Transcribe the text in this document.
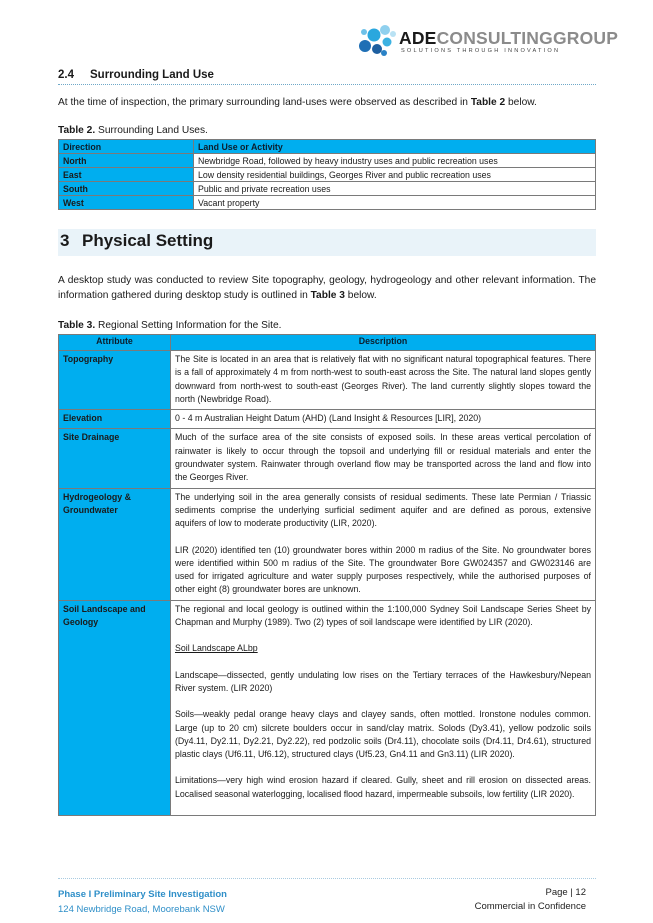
ADECONSULTINGGROUP
SOLUTIONS THROUGH INNOVATION
2.4 Surrounding Land Use
At the time of inspection, the primary surrounding land-uses were observed as described in Table 2 below.
Table 2. Surrounding Land Uses.
Direction	Land Use or Activity
North	Newbridge Road, followed by heavy industry uses and public recreation uses
East	Low density residential buildings, Georges River and public recreation uses
South	Public and private recreation uses
West	Vacant property
3 Physical Setting
A desktop study was conducted to review Site topography, geology, hydrogeology and other relevant information. The information gathered during desktop study is outlined in Table 3 below.
Table 3. Regional Setting Information for the Site.
Attribute	Description
Topography	The Site is located in an area that is relatively flat with no significant natural topographical features. There is a fall of approximately 4 m from north-west to south-east across the Site. The natural land slopes gently downward from north-west to south-east (Georges River). The land currently slightly slopes toward the north (Newbridge Road).

Elevation	0 - 4 m Australian Height Datum (AHD) (Land Insight & Resources [LIR], 2020)

Site Drainage	Much of the surface area of the site consists of exposed soils. In these areas vertical percolation of rainwater is likely to occur through the topsoil and underlying fill or residual materials and enter the groundwater system. Rainwater through overland flow may be transported across the land and flow into the Georges River.

Hydrogeology & Groundwater	The underlying soil in the area generally consists of residual sediments. These late Permian / Triassic sediments comprise the underlying surficial sediment aquifer and are defined as porous, extensive aquifers of low to moderate productivity (LIR, 2020).

LIR (2020) identified ten (10) groundwater bores within 2000 m radius of the Site. No groundwater bores were identified within 500 m radius of the Site. The groundwater Bore GW024357 and GW023146 are used for irrigated agriculture and water supply purposes respectively, while the authorised purposes of other eight (8) groundwater bores are unknown.

Soil Landscape and Geology	The regional and local geology is outlined within the 1:100,000 Sydney Soil Landscape Series Sheet by Chapman and Murphy (1989). Two (2) types of soil landscape were identified by LIR (2020).

Soil Landscape ALbp

Landscape—dissected, gently undulating low rises on the Tertiary terraces of the Hawkesbury/Nepean River system. (LIR 2020)

Soils—weakly pedal orange heavy clays and clayey sands, often mottled. Ironstone nodules common. Large (up to 20 cm) silcrete boulders occur in sand/clay matrix. Solods (Dy3.41), yellow podzolic soils (Dy4.11, Dy2.11, Dy2.21, Dy2.22), red podzolic soils (Dr4.11), chocolate soils (Dr4.11, Dr4.61), structured plastic clays (Uf6.11, Uf6.12), structured clays (Uf5.23, Gn4.11 and Gn3.11) (LIR 2020).

Limitations—very high wind erosion hazard if cleared. Gully, sheet and rill erosion on dissected areas. Localised seasonal waterlogging, localised flood hazard, impermeable subsoils, low fertility (LIR 2020).

Phase I Preliminary Site Investigation
124 Newbridge Road, Moorebank NSW
Page | 12
Commercial in Confidence
